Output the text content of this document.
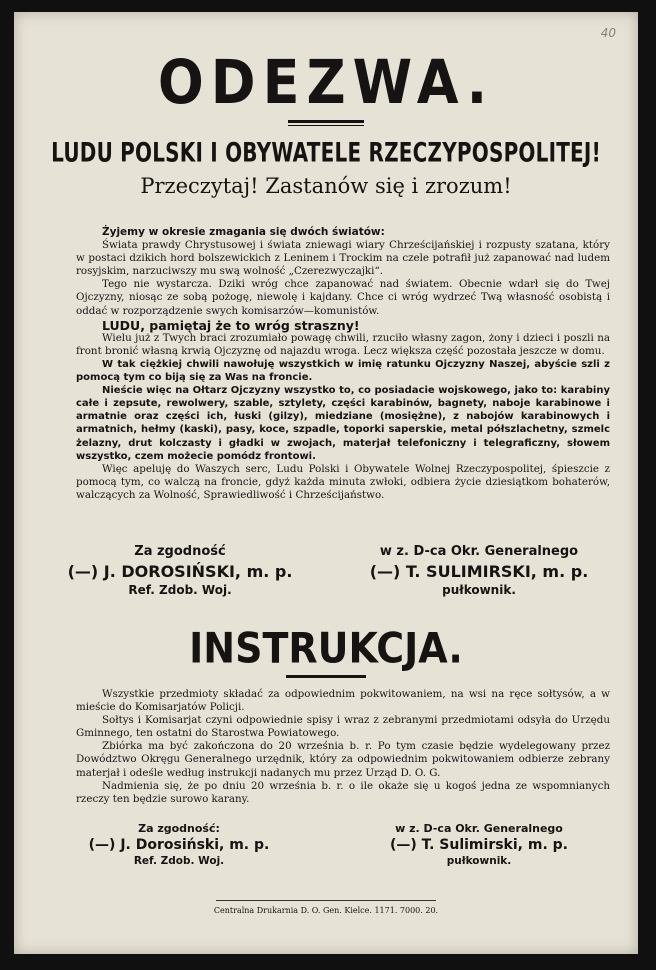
40
ODEZWA.
LUDU POLSKI I OBYWATELE RZECZYPOSPOLITEJ!
Przeczytaj! Zastanów się i zrozum!

Żyjemy w okresie zmagania się dwóch światów:

Świata prawdy Chrystusowej i świata zniewagi wiary Chrześcijańskiej i rozpusty szatana, który w postaci dzikich hord bolszewickich z Leninem i Trockim na czele potrafił już zapanować nad ludem rosyjskim, narzuciwszy mu swą wolność „Czerezwyczajki“.

Tego nie wystarcza. Dziki wróg chce zapanować nad światem. Obecnie wdarł się do Twej Ojczyzny, niosąc ze sobą pożogę, niewolę i kajdany. Chce ci wróg wydrzeć Twą własność osobistą i oddać w rozporządzenie swych komisarzów—komunistów.

LUDU, pamiętaj że to wróg straszny!

Wielu już z Twych braci zrozumiało powagę chwili, rzuciło własny zagon, żony i dzieci i poszli na front bronić własną krwią Ojczyznę od najazdu wroga. Lecz większa część pozostała jeszcze w domu.

W tak ciężkiej chwili nawołuję wszystkich w imię ratunku Ojczyzny Naszej, abyście szli z pomocą tym co biją się za Was na froncie.

Nieście więc na Ołtarz Ojczyzny wszystko to, co posiadacie wojskowego, jako to: karabiny całe i zepsute, rewolwery, szable, sztylety, części karabinów, bagnety, naboje karabinowe i armatnie oraz części ich, łuski (gilzy), miedziane (mosiężne), z nabojów karabinowych i armatnich, hełmy (kaski), pasy, koce, szpadle, toporki saperskie, metal półszlachetny, szmelc żelazny, drut kolczasty i gładki w zwojach, materjał telefoniczny i telegraficzny, słowem wszystko, czem możecie pomódz frontowi.

Więc apeluję do Waszych serc, Ludu Polski i Obywatele Wolnej Rzeczypospolitej, śpieszcie z pomocą tym, co walczą na froncie, gdyż każda minuta zwłoki, odbiera życie dziesiątkom bohaterów, walczących za Wolność, Sprawiedliwość i Chrześcijaństwo.

Za zgodność
(—) J. DOROSIŃSKI, m. p.
Ref. Zdob. Woj.
w z. D-ca Okr. Generalnego
(—) T. SULIMIRSKI, m. p.
pułkownik.
INSTRUKCJA.

Wszystkie przedmioty składać za odpowiednim pokwitowaniem, na wsi na ręce sołtysów, a w mieście do Komisarjatów Policji.

Sołtys i Komisarjat czyni odpowiednie spisy i wraz z zebranymi przedmiotami odsyła do Urzędu Gminnego, ten ostatni do Starostwa Powiatowego.

Zbiórka ma być zakończona do 20 września b. r. Po tym czasie będzie wydelegowany przez Dowództwo Okręgu Generalnego urzędnik, który za odpowiednim pokwitowaniem odbierze zebrany materjał i odeśle według instrukcji nadanych mu przez Urząd D. O. G.

Nadmienia się, że po dniu 20 września b. r. o ile okaże się u kogoś jedna ze wspomnianych rzeczy ten będzie surowo karany.

Za zgodność:
(—) J. Dorosiński, m. p.
Ref. Zdob. Woj.
w z. D-ca Okr. Generalnego
(—) T. Sulimirski, m. p.
pułkownik.
Centralna Drukarnia D. O. Gen. Kielce. 1171. 7000. 20.
